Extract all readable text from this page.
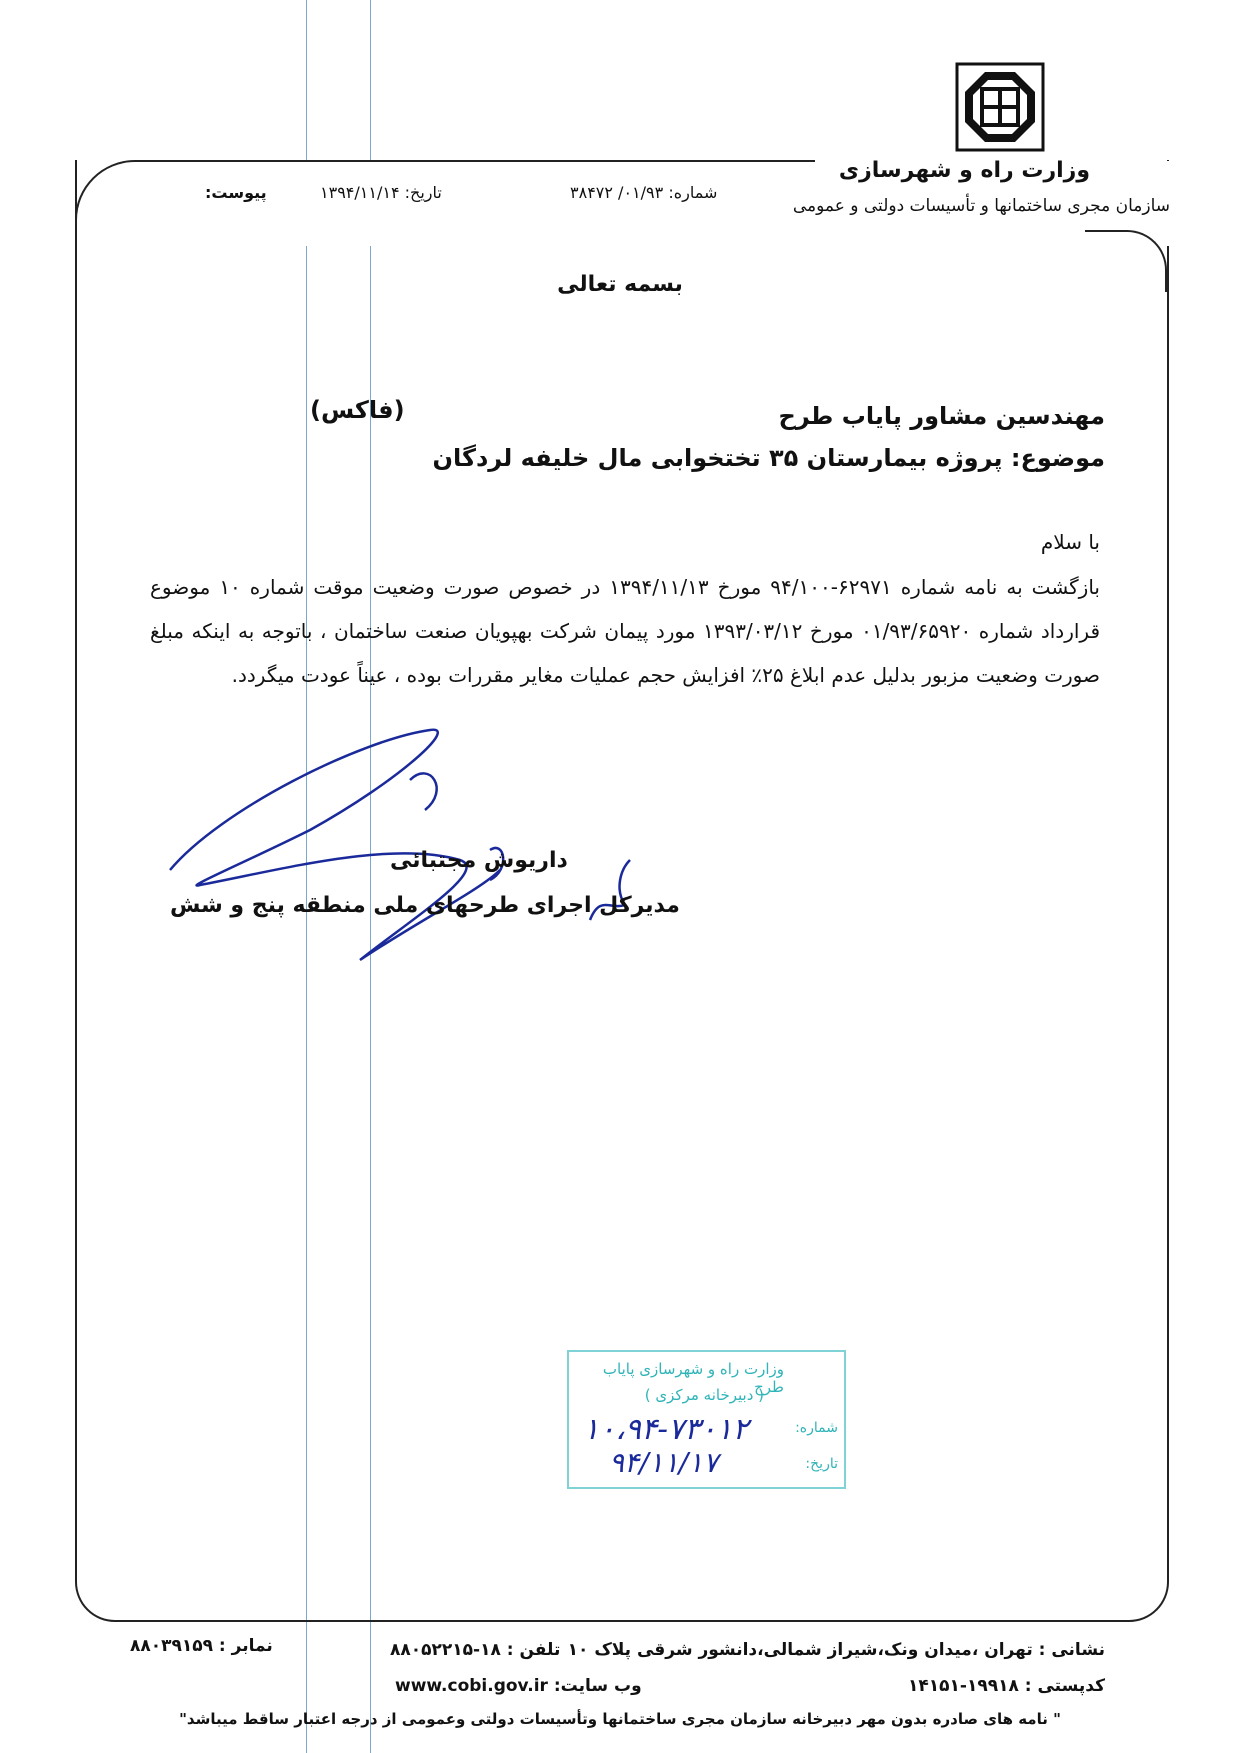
وزارت راه و شهرسازی
سازمان مجری ساختمانها و تأسیسات دولتی و عمومی
شماره: ۰۱/۹۳/ ۳۸۴۷۲
تاریخ: ۱۳۹۴/۱۱/۱۴
پیوست:
بسمه تعالی
مهندسین مشاور پایاب طرح
(فاکس)
موضوع: پروژه بیمارستان ۳۵ تختخوابی مال خلیفه لردگان
با سلام
بازگشت به نامه شماره ۶۲۹۷۱-۹۴/۱۰۰ مورخ ۱۳۹۴/۱۱/۱۳ در خصوص صورت وضعیت موقت شماره ۱۰ موضوع قرارداد شماره ۰۱/۹۳/۶۵۹۲۰ مورخ ۱۳۹۳/۰۳/۱۲ مورد پیمان شرکت بهپویان صنعت ساختمان ، باتوجه به اینکه مبلغ صورت وضعیت مزبور بدلیل عدم ابلاغ ۲۵٪ افزایش حجم عملیات مغایر مقررات بوده ، عیناً عودت میگردد.
داریوش مجتبائی
مدیرکل اجرای طرحهای ملی منطقه پنج و شش
وزارت راه و شهرسازی پایاب طرح
( دبیرخانه مرکزی )
شماره:
تاریخ:
۱۰،۹۴-۷۳۰۱۲
۹۴/۱۱/۱۷
نشانی : تهران ،میدان ونک،شیراز شمالی،دانشور شرقی پلاک ۱۰
کدپستی : ۱۹۹۱۸-۱۴۱۵۱
تلفن : ۱۸-۸۸۰۵۲۲۱۵
وب سایت: www.cobi.gov.ir
نمابر : ۸۸۰۳۹۱۵۹
" نامه های صادره بدون مهر دبیرخانه سازمان مجری ساختمانها وتأسیسات دولتی وعمومی از درجه اعتبار ساقط میباشد"
